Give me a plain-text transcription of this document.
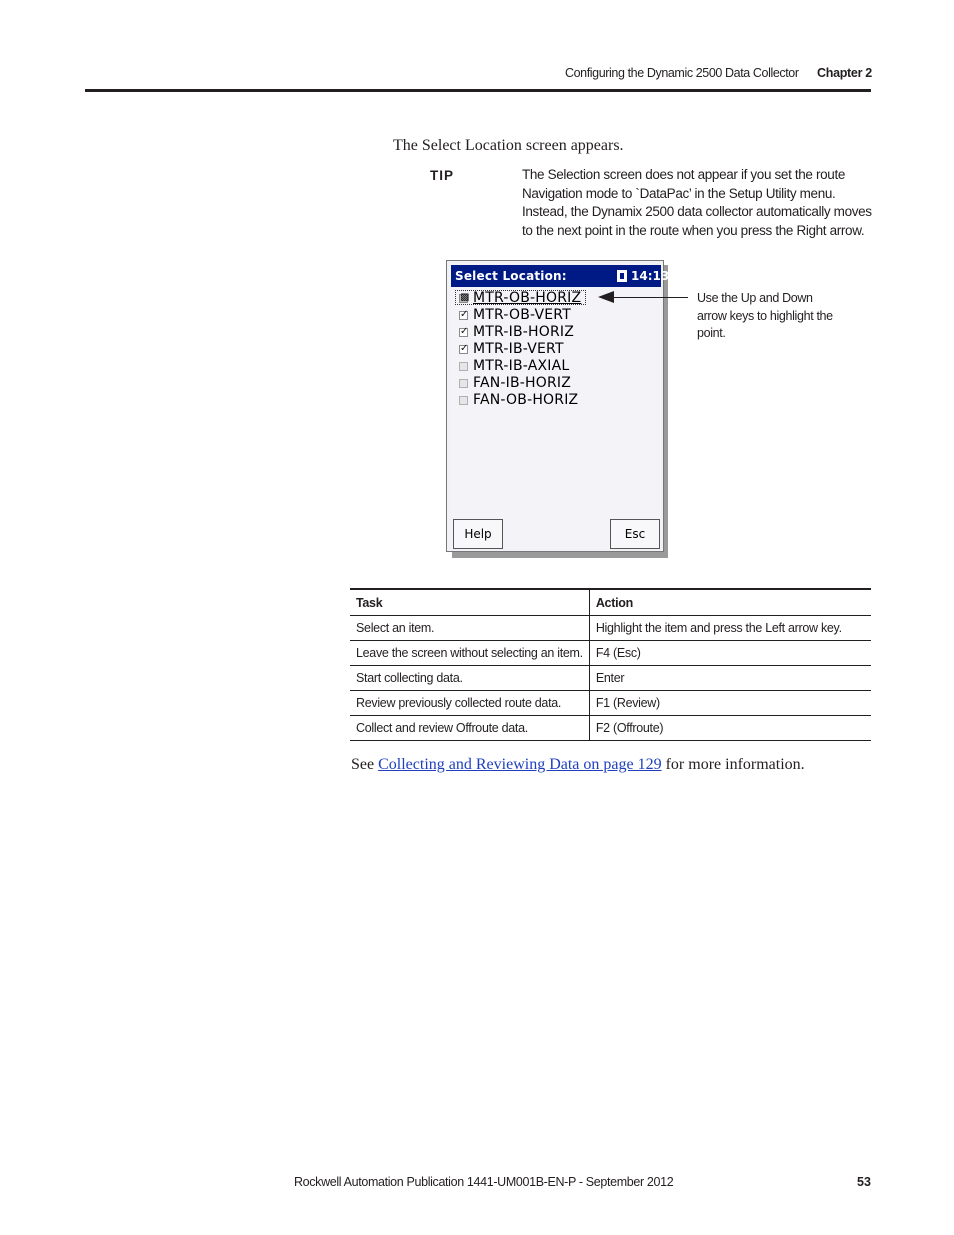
Configuring the Dynamic 2500 Data Collector Chapter 2
The Select Location screen appears.
TIP	The Selection screen does not appear if you set the route
Navigation mode to `DataPac’ in the Setup Utility menu.
Instead, the Dynamix 2500 data collector automatically moves
to the next point in the route when you press the Right arrow.
Select Location:	14:13
▩ MTR-OB-HORIZ
✓ MTR-OB-VERT
✓ MTR-IB-HORIZ
✓ MTR-IB-VERT
MTR-IB-AXIAL
FAN-IB-HORIZ
FAN-OB-HORIZ
Help	Esc
Use the Up and Down
arrow keys to highlight the
point.
Task	Action
Select an item.	Highlight the item and press the Left arrow key.
Leave the screen without selecting an item.	F4 (Esc)
Start collecting data.	Enter
Review previously collected route data.	F1 (Review)
Collect and review Offroute data.	F2 (Offroute)
See Collecting and Reviewing Data on page 129 for more information.
Rockwell Automation Publication 1441-UM001B-EN-P - September 2012	53
